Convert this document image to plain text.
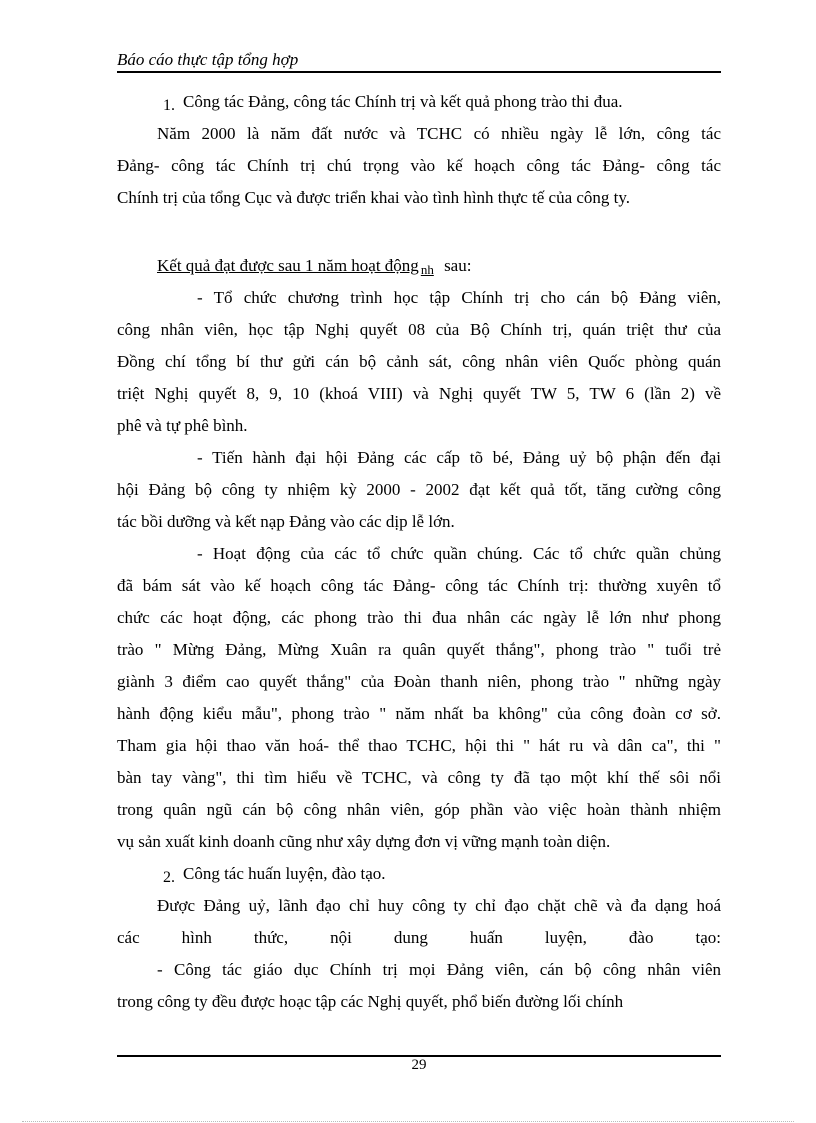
Báo cáo thực tập tổng hợp
1. Công tác Đảng, công tác Chính trị và kết quả phong trào thi đua.
Năm 2000 là năm đất nước và TCHC có nhiều ngày lễ lớn, công tác
Đảng- công tác Chính trị chú trọng vào kế hoạch công tác Đảng- công tác
Chính trị của tổng Cục và được triển khai vào tình hình thực tế của công ty.
Kết quả đạt được sau 1 năm hoạt động nh sau:
- Tổ chức chương trình học tập Chính trị cho cán bộ Đảng viên,
công nhân viên, học tập Nghị quyết 08 của Bộ Chính trị, quán triệt thư của
Đồng chí tổng bí thư gửi cán bộ cảnh sát, công nhân viên Quốc phòng quán
triệt Nghị quyết 8, 9, 10 (khoá VIII) và Nghị quyết TW 5, TW 6 (lần 2) về
phê và tự phê bình.
- Tiến hành đại hội Đảng các cấp tõ bé, Đảng uỷ bộ phận đến đại
hội Đảng bộ công ty nhiệm kỳ 2000 - 2002 đạt kết quả tốt, tăng cường công
tác bồi dưỡng và kết nạp Đảng vào các dịp lễ lớn.
- Hoạt động của các tổ chức quần chúng. Các tổ chức quần chủng
đã bám sát vào kế hoạch công tác Đảng- công tác Chính trị: thường xuyên tổ
chức các hoạt động, các phong trào thi đua nhân các ngày lễ lớn như phong
trào " Mừng Đảng, Mừng Xuân ra quân quyết thắng", phong trào " tuổi trẻ
giành 3 điểm cao quyết thắng" của Đoàn thanh niên, phong trào " những ngày
hành động kiểu mẫu", phong trào " năm nhất ba không" của công đoàn cơ sở.
Tham gia hội thao văn hoá- thể thao TCHC, hội thi " hát ru và dân ca", thi "
bàn tay vàng", thi tìm hiểu về TCHC, và công ty đã tạo một khí thế sôi nổi
trong quân ngũ cán bộ công nhân viên, góp phần vào việc hoàn thành nhiệm
vụ sản xuất kinh doanh cũng như xây dựng đơn vị vững mạnh toàn diện.
2. Công tác huấn luyện, đào tạo.
Được Đảng uỷ, lãnh đạo chỉ huy công ty chỉ đạo chặt chẽ và đa dạng hoá
các hình thức, nội dung huấn luyện, đào tạo:
- Công tác giáo dục Chính trị mọi Đảng viên, cán bộ công nhân viên
trong công ty đều được hoạc tập các Nghị quyết, phổ biến đường lối chính
29
